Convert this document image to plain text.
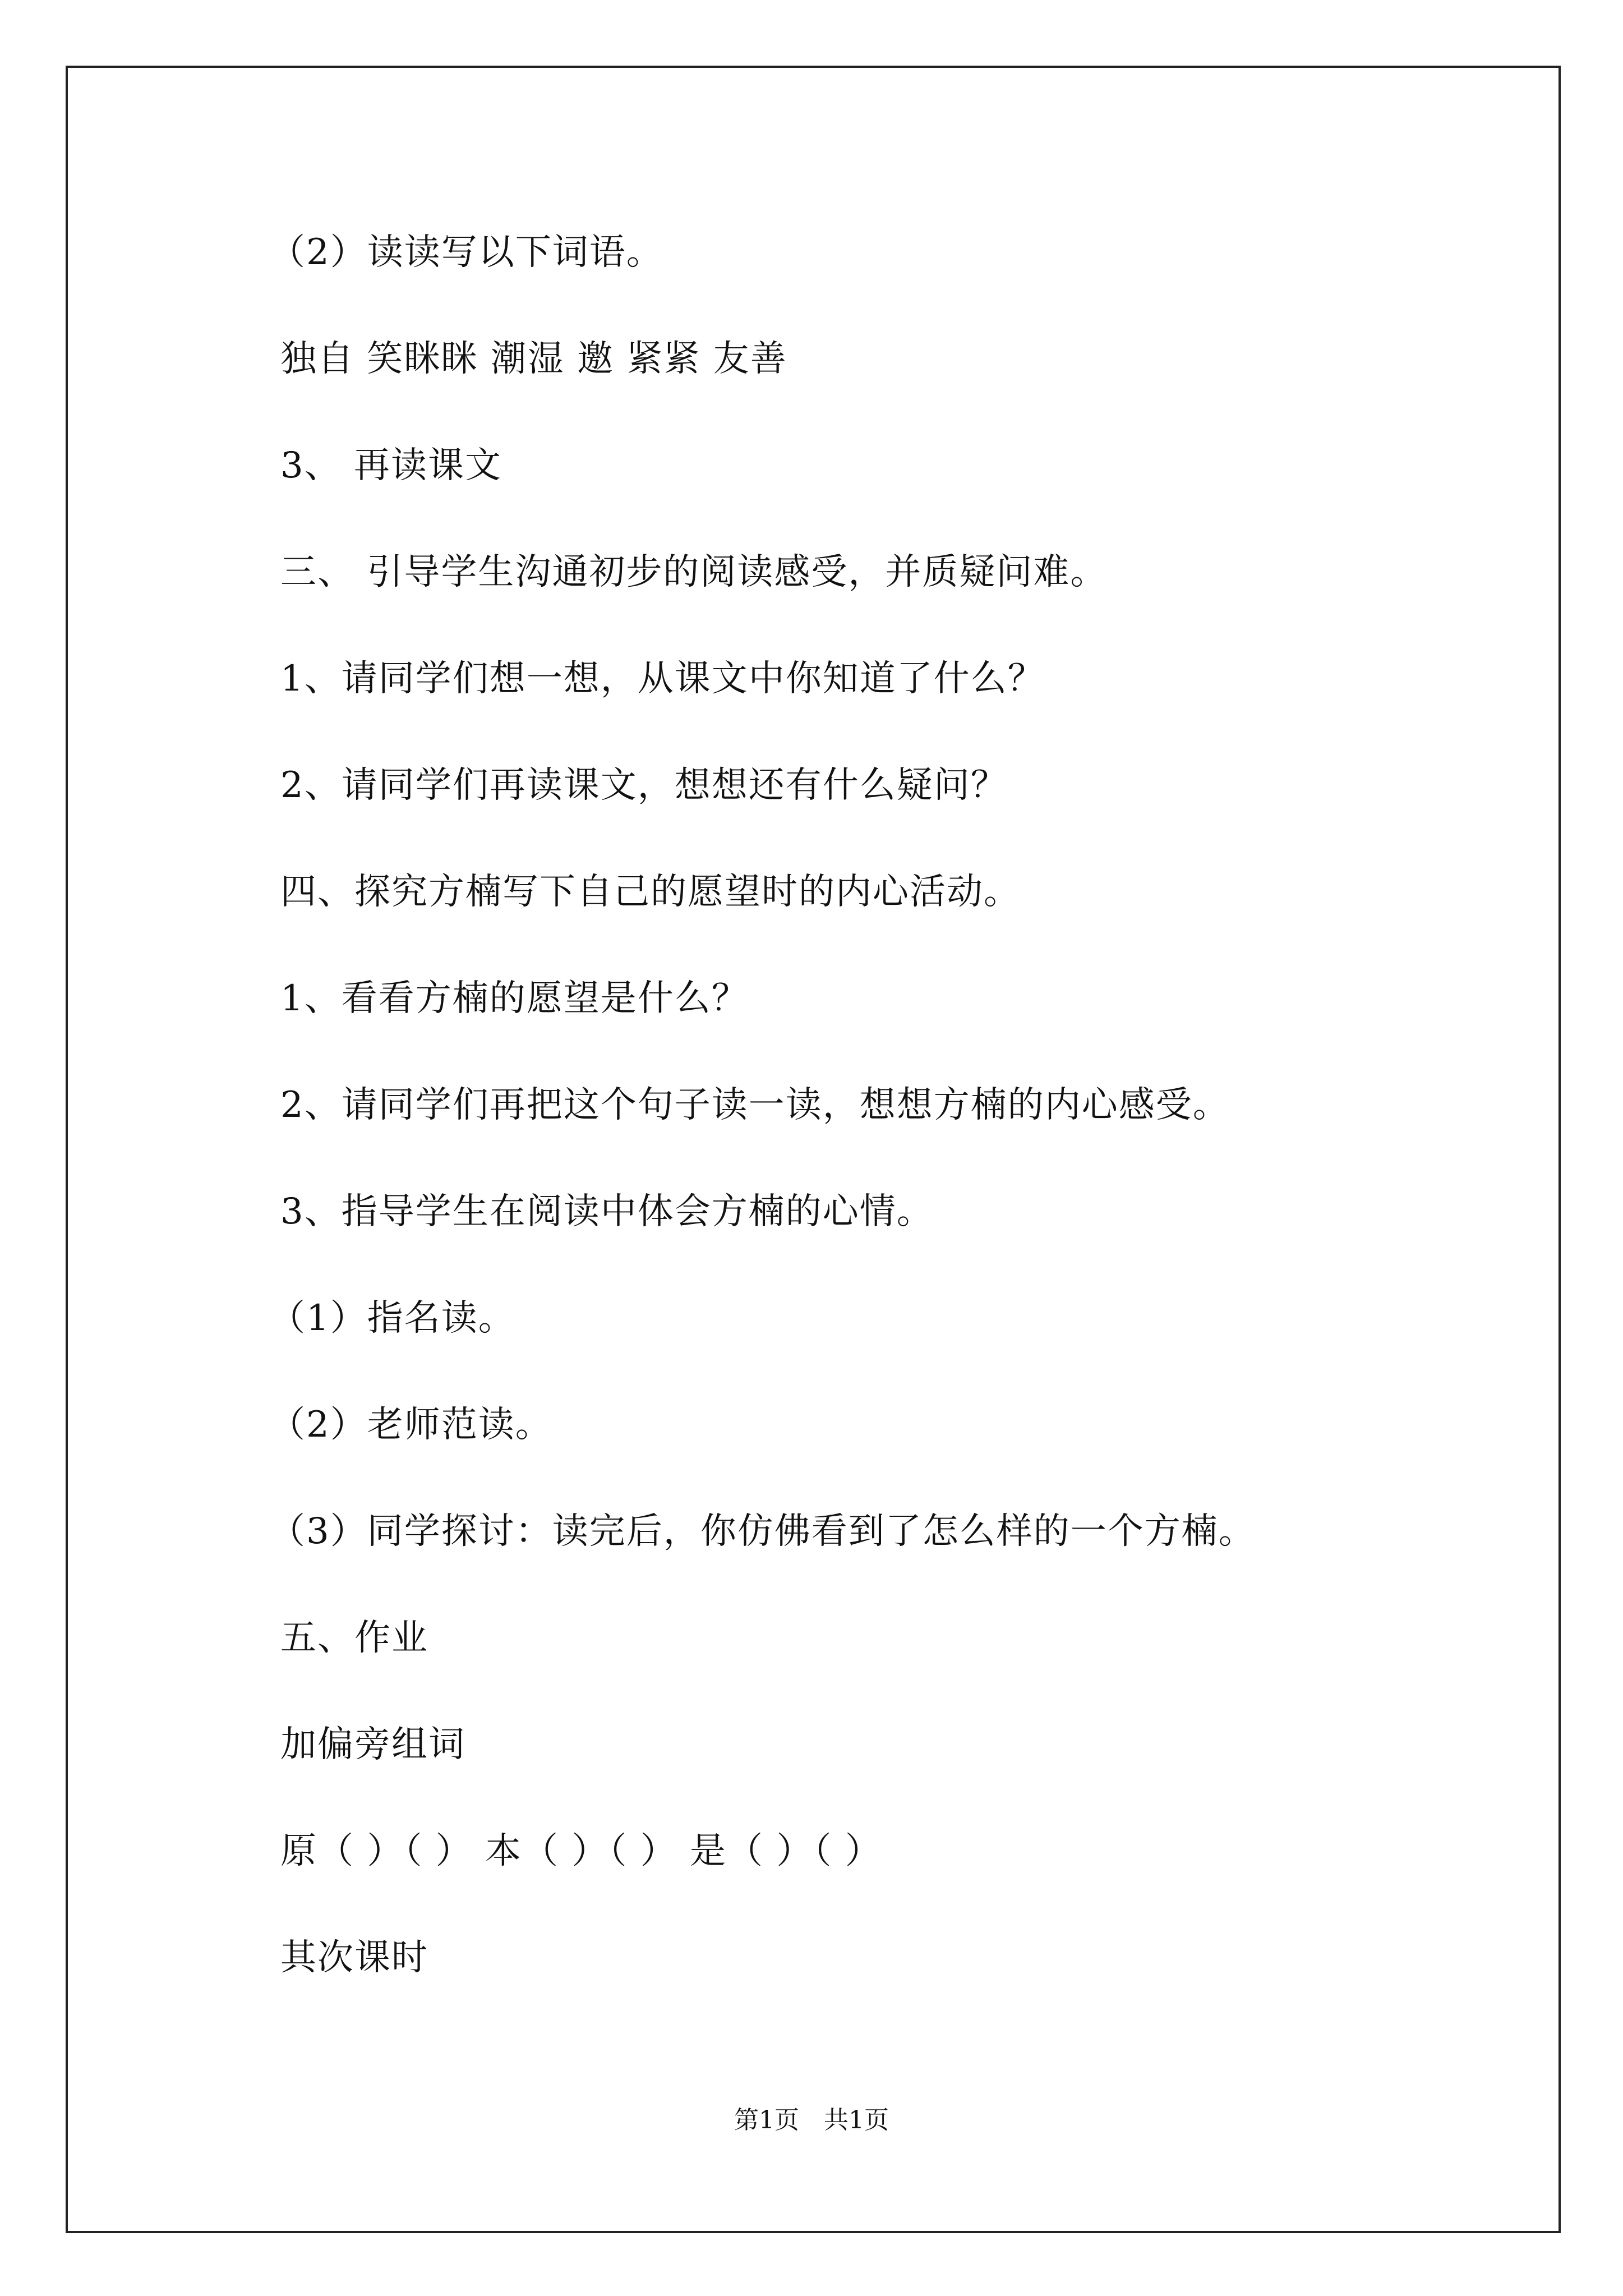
（2）读读写以下词语。
独自 笑眯眯 潮湿 邀 紧紧 友善
3、 再读课文
三、 引导学生沟通初步的阅读感受，并质疑问难。
1、请同学们想一想，从课文中你知道了什么？
2、请同学们再读课文，想想还有什么疑问？
四、探究方楠写下自己的愿望时的内心活动。
1、看看方楠的愿望是什么？
2、请同学们再把这个句子读一读，想想方楠的内心感受。
3、指导学生在阅读中体会方楠的心情。
（1）指名读。
（2）老师范读。
（3）同学探讨：读完后，你仿佛看到了怎么样的一个方楠。
五、作业
加偏旁组词
原（ ）（ ） 本（ ）（ ） 是（ ）（ ）
其次课时
第1页　共1页
